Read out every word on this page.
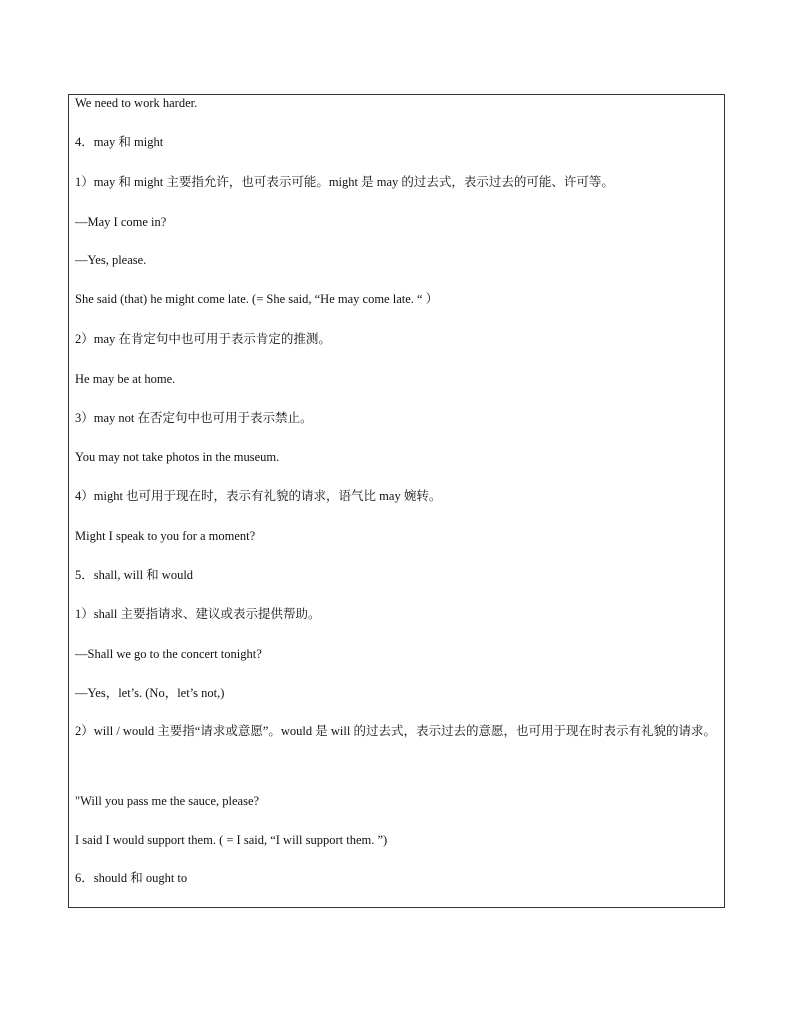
We need to work harder.
4．may 和 might
1）may 和 might 主要指允许，也可表示可能。might 是 may 的过去式，表示过去的可能、许可等。
—May I come in?
—Yes, please.
She said (that) he might come late. (= She said, “He may come late. “ ）
2）may 在肯定句中也可用于表示肯定的推测。
He may be at home.
3）may not 在否定句中也可用于表示禁止。
You may not take photos in the museum.
4）might 也可用于现在时，表示有礼貌的请求，语气比 may 婉转。
Might I speak to you for a moment?
5．shall, will 和 would
1）shall 主要指请求、建议或表示提供帮助。
—Shall we go to the concert tonight?
—Yes，let’s. (No，let’s not,)
2）will / would 主要指“请求或意愿”。would 是 will 的过去式，表示过去的意愿，也可用于现在时表示有礼貌的请求。
"Will you pass me the sauce, please?
I said I would support them. ( = I said, “I will support them. ”)
6．should 和 ought to
